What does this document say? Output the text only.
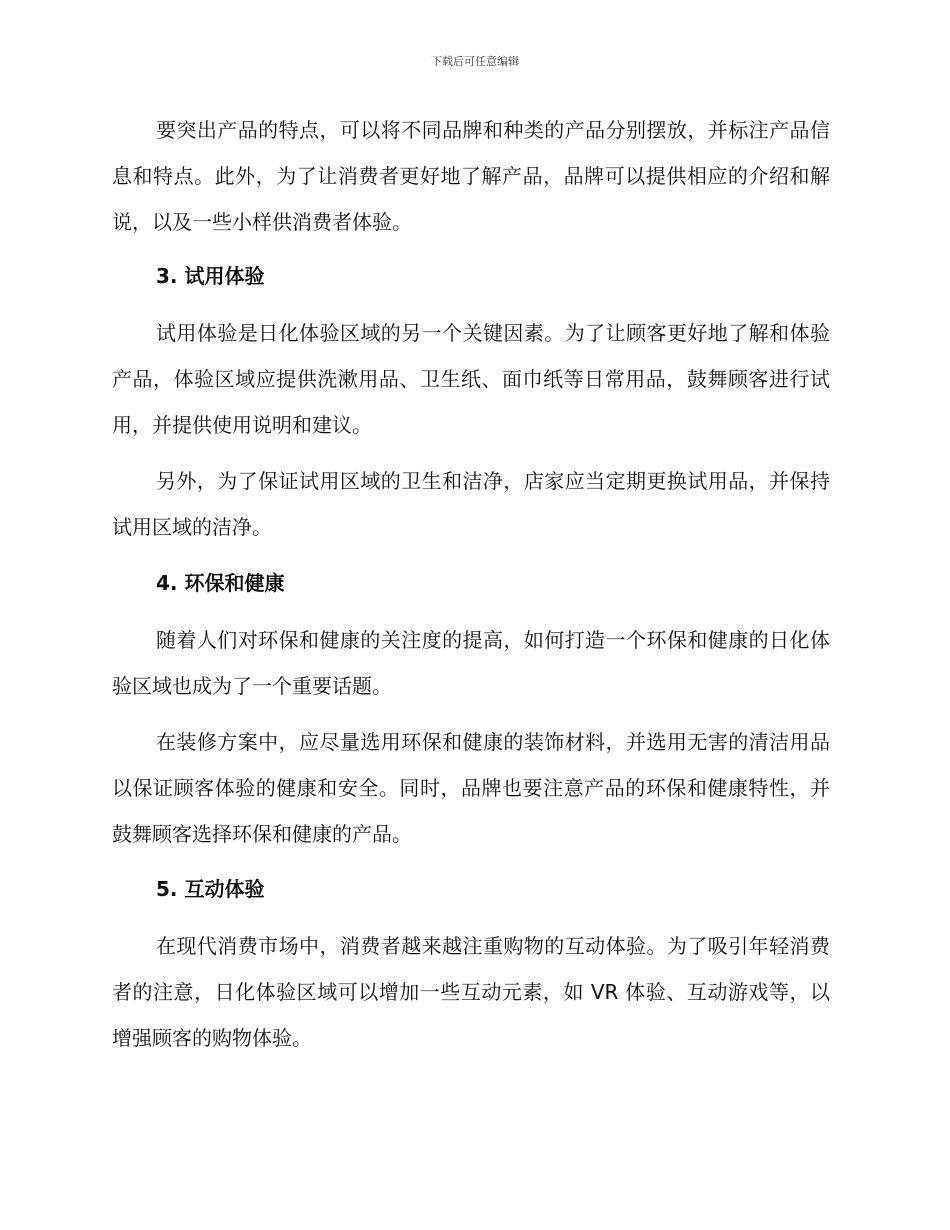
下载后可任意编辑

要突出产品的特点，可以将不同品牌和种类的产品分别摆放，并标注产品信息和特点。此外，为了让消费者更好地了解产品，品牌可以提供相应的介绍和解说，以及一些小样供消费者体验。

3. 试用体验

试用体验是日化体验区域的另一个关键因素。为了让顾客更好地了解和体验产品，体验区域应提供洗漱用品、卫生纸、面巾纸等日常用品，鼓舞顾客进行试用，并提供使用说明和建议。

另外，为了保证试用区域的卫生和洁净，店家应当定期更换试用品，并保持试用区域的洁净。

4. 环保和健康

随着人们对环保和健康的关注度的提高，如何打造一个环保和健康的日化体验区域也成为了一个重要话题。

在装修方案中，应尽量选用环保和健康的装饰材料，并选用无害的清洁用品以保证顾客体验的健康和安全。同时，品牌也要注意产品的环保和健康特性，并鼓舞顾客选择环保和健康的产品。

5. 互动体验

在现代消费市场中，消费者越来越注重购物的互动体验。为了吸引年轻消费者的注意，日化体验区域可以增加一些互动元素，如 VR 体验、互动游戏等，以增强顾客的购物体验。
